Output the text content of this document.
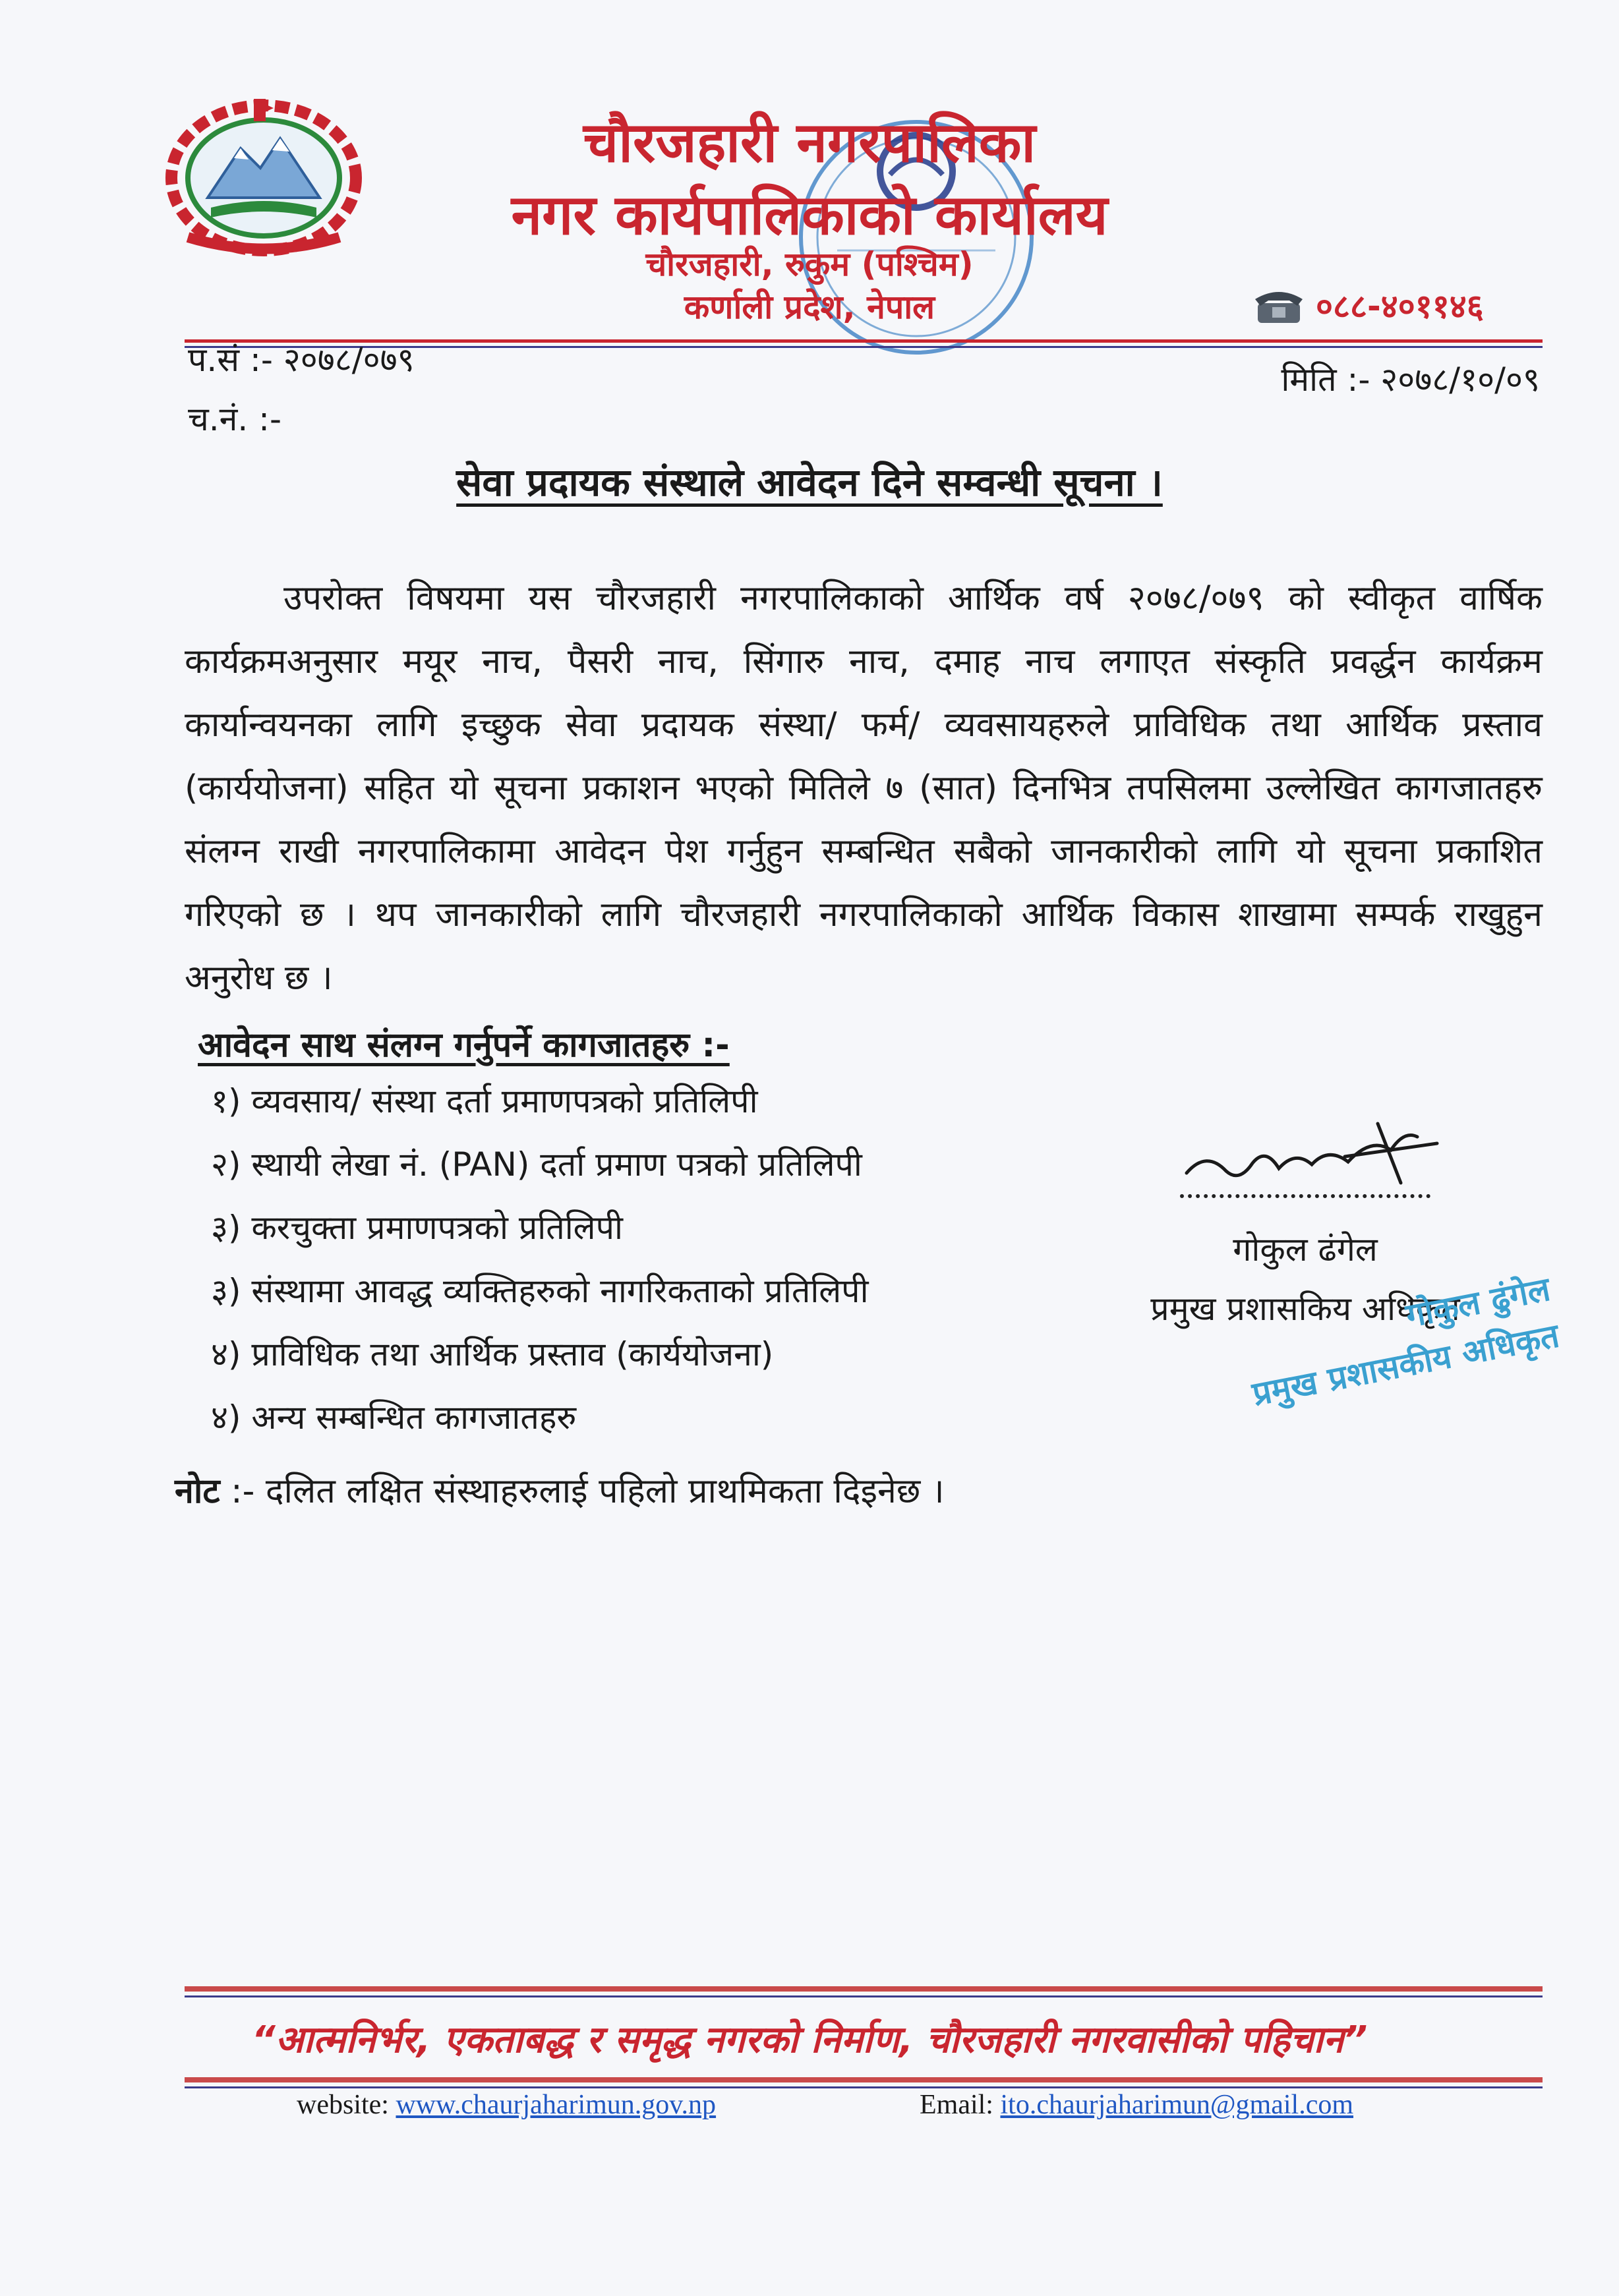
चौरजहारी नगरपालिका
नगर कार्यपालिकाको कार्यालय
चौरजहारी, रुकुम (पश्चिम)
कर्णाली प्रदेश, नेपाल	०८८-४०११४६
प.सं :- २०७८/०७९
च.नं. :-
मिति :- २०७८/१०/०९
सेवा प्रदायक संस्थाले आवेदन दिने सम्वन्धी सूचना ।

उपरोक्त विषयमा यस चौरजहारी नगरपालिकाको आर्थिक वर्ष २०७८/०७९ को स्वीकृत वार्षिक कार्यक्रमअनुसार मयूर नाच, पैसरी नाच, सिंगारु नाच, दमाह नाच लगाएत संस्कृति प्रवर्द्धन कार्यक्रम कार्यान्वयनका लागि इच्छुक सेवा प्रदायक संस्था/ फर्म/ व्यवसायहरुले प्राविधिक तथा आर्थिक प्रस्ताव (कार्ययोजना) सहित यो सूचना प्रकाशन भएको मितिले ७ (सात) दिनभित्र तपसिलमा उल्लेखित कागजातहरु संलग्न राखी नगरपालिकामा आवेदन पेश गर्नुहुन सम्बन्धित सबैको जानकारीको लागि यो सूचना प्रकाशित गरिएको छ । थप जानकारीको लागि चौरजहारी नगरपालिकाको आर्थिक विकास शाखामा सम्पर्क राखुहुन अनुरोध छ ।

आवेदन साथ संलग्न गर्नुपर्ने कागजातहरु :-
१) व्यवसाय/ संस्था दर्ता प्रमाणपत्रको प्रतिलिपी
२) स्थायी लेखा नं. (PAN) दर्ता प्रमाण पत्रको प्रतिलिपी
३) करचुक्ता प्रमाणपत्रको प्रतिलिपी
३) संस्थामा आवद्ध व्यक्तिहरुको नागरिकताको प्रतिलिपी
४) प्राविधिक तथा आर्थिक प्रस्ताव (कार्ययोजना)
४) अन्य सम्बन्धित कागजातहरु
नोट :- दलित लक्षित संस्थाहरुलाई पहिलो प्राथमिकता दिइनेछ ।
गोकुल ढंगेल
प्रमुख प्रशासकिय अधिकृत
गोकुल ढुंगेल
प्रमुख प्रशासकीय अधिकृत
“आत्मनिर्भर, एकताबद्ध र समृद्ध नगरको निर्माण, चौरजहारी नगरवासीको पहिचान”
website: www.chaurjaharimun.gov.np	Email: ito.chaurjaharimun@gmail.com
